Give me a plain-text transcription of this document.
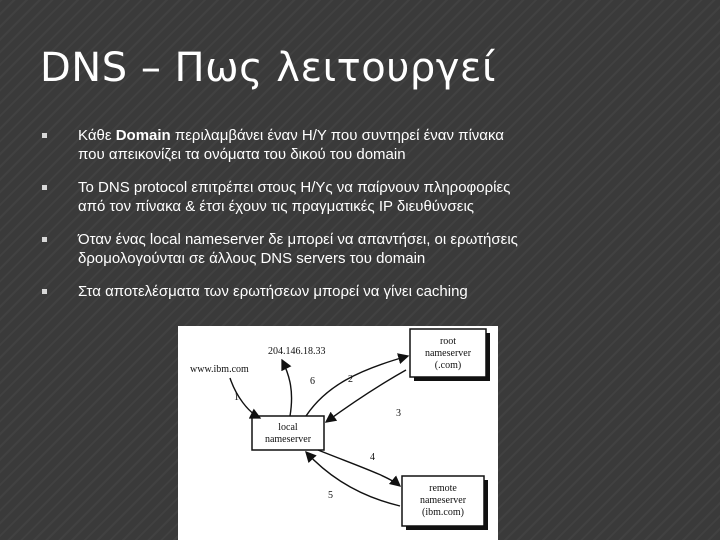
DNS – Πως λειτουργεί
Κάθε Domain περιλαμβάνει έναν Η/Υ που συντηρεί έναν πίνακα
που απεικονίζει τα ονόματα του δικού του domain
Το DNS protocol επιτρέπει στους Η/Υς να παίρνουν πληροφορίες
από τον πίνακα & έτσι έχουν τις πραγματικές IP διευθύνσεις
Όταν ένας local nameserver δε μπορεί να απαντήσει, οι ερωτήσεις
δρομολογούνται σε άλλους DNS servers του domain
Στα αποτελέσματα των ερωτήσεων μπορεί να γίνει caching
root
nameserver
(.com)
local
nameserver
remote
nameserver
(ibm.com)
204.146.18.33
www.ibm.com
1
2
3
4
5
6
